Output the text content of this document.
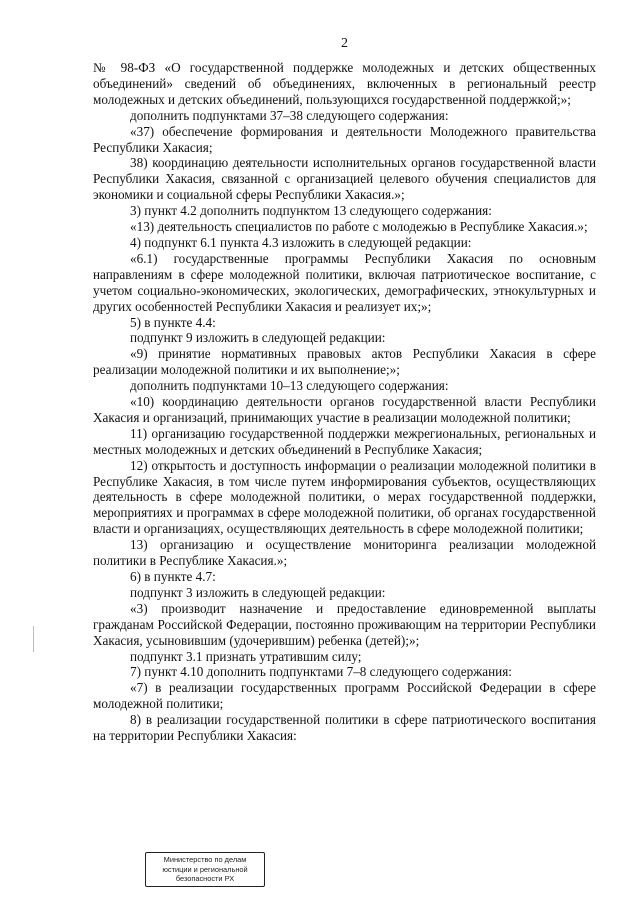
2

№ 98-ФЗ «О государственной поддержке молодежных и детских общественных объединений» сведений об объединениях, включенных в региональный реестр молодежных и детских объединений, пользующихся государственной поддержкой;»;

дополнить подпунктами 37–38 следующего содержания:

«37) обеспечение формирования и деятельности Молодежного правительства Республики Хакасия;

38) координацию деятельности исполнительных органов государственной власти Республики Хакасия, связанной с организацией целевого обучения специалистов для экономики и социальной сферы Республики Хакасия.»;

3) пункт 4.2 дополнить подпунктом 13 следующего содержания:

«13) деятельность специалистов по работе с молодежью в Республике Хакасия.»;

4) подпункт 6.1 пункта 4.3 изложить в следующей редакции:

«6.1) государственные программы Республики Хакасия по основным направлениям в сфере молодежной политики, включая патриотическое воспитание, с учетом социально-экономических, экологических, демографических, этнокультурных и других особенностей Республики Хакасия и реализует их;»;

5) в пункте 4.4:

подпункт 9 изложить в следующей редакции:

«9) принятие нормативных правовых актов Республики Хакасия в сфере реализации молодежной политики и их выполнение;»;

дополнить подпунктами 10–13 следующего содержания:

«10) координацию деятельности органов государственной власти Республики Хакасия и организаций, принимающих участие в реализации молодежной политики;

11) организацию государственной поддержки межрегиональных, региональных и местных молодежных и детских объединений в Республике Хакасия;

12) открытость и доступность информации о реализации молодежной политики в Республике Хакасия, в том числе путем информирования субъектов, осуществляющих деятельность в сфере молодежной политики, о мерах государственной поддержки, мероприятиях и программах в сфере молодежной политики, об органах государственной власти и организациях, осуществляющих деятельность в сфере молодежной политики;

13) организацию и осуществление мониторинга реализации молодежной политики в Республике Хакасия.»;

6) в пункте 4.7:

подпункт 3 изложить в следующей редакции:

«3) производит назначение и предоставление единовременной выплаты гражданам Российской Федерации, постоянно проживающим на территории Республики Хакасия, усыновившим (удочерившим) ребенка (детей);»;

подпункт 3.1 признать утратившим силу;

7) пункт 4.10 дополнить подпунктами 7–8 следующего содержания:

«7) в реализации государственных программ Российской Федерации в сфере молодежной политики;

8) в реализации государственной политики в сфере патриотического воспитания на территории Республики Хакасия:

Министерство по делам
юстиции и региональной
безопасности РХ
